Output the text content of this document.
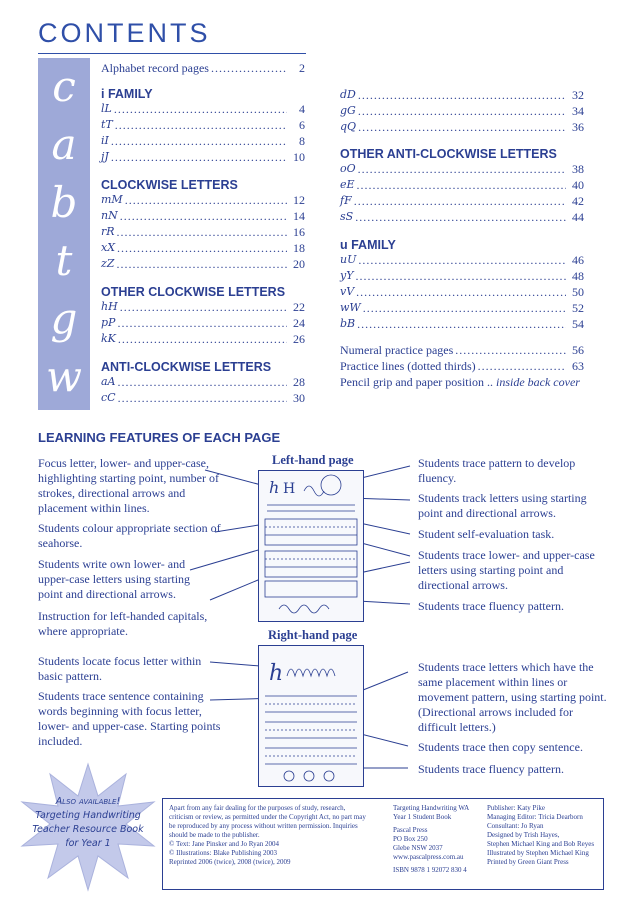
CONTENTS
c
a
b
t
g
w
Alphabet record pages .....	2
i FAMILY
lL .....	4
tT .....	6
iI .....	8
jJ .....	10
CLOCKWISE LETTERS
mM .....	12
nN .....	14
rR .....	16
xX .....	18
zZ .....	20
OTHER CLOCKWISE LETTERS
hH .....	22
pP .....	24
kK .....	26
ANTI-CLOCKWISE LETTERS
aA .....	28
cC .....	30
dD .....	32
gG .....	34
qQ .....	36
OTHER ANTI-CLOCKWISE LETTERS
oO .....	38
eE .....	40
fF .....	42
sS .....	44
u FAMILY
uU .....	46
yY .....	48
vV .....	50
wW .....	52
bB .....	54
Numeral practice pages .....	56
Practice lines (dotted thirds) .....	63
Pencil grip and paper position .. inside back cover
LEARNING FEATURES OF EACH PAGE
Left-hand page
h H
Right-hand page
h
Focus letter, lower- and upper-case, highlighting starting point, number of strokes, directional arrows and placement within lines.
Students colour appropriate section of seahorse.
Students write own lower- and upper-case letters using starting point and directional arrows.
Instruction for left-handed capitals, where appropriate.
Students trace pattern to develop fluency.
Students track letters using starting point and directional arrows.
Student self-evaluation task.
Students trace lower- and upper-case letters using starting point and directional arrows.
Students trace fluency pattern.
Students locate focus letter within basic pattern.
Students trace sentence containing words beginning with focus letter, lower- and upper-case. Starting points included.
Students trace letters which have the same placement within lines or movement pattern, using starting point. (Directional arrows included for difficult letters.)
Students trace then copy sentence.
Students trace fluency pattern.
Also available!
Targeting Handwriting
Teacher Resource Book
for Year 1
Apart from any fair dealing for the purposes of study, research,
criticism or review, as permitted under the Copyright Act, no part may
be reproduced by any process without written permission. Inquiries
should be made to the publisher.
© Text: Jane Pinsker and Jo Ryan 2004
© Illustrations: Blake Publishing 2003
Reprinted 2006 (twice), 2008 (twice), 2009
Targeting Handwriting WA
Year 1 Student Book
Pascal Press
PO Box 250
Glebe NSW 2037
www.pascalpress.com.au
ISBN 9878 1 92072 830 4
Publisher: Katy Pike
Managing Editor: Tricia Dearborn
Consultant: Jo Ryan
Designed by Trish Hayes,
Stephen Michael King and Bob Reyes
Illustrated by Stephen Michael King
Printed by Green Giant Press
